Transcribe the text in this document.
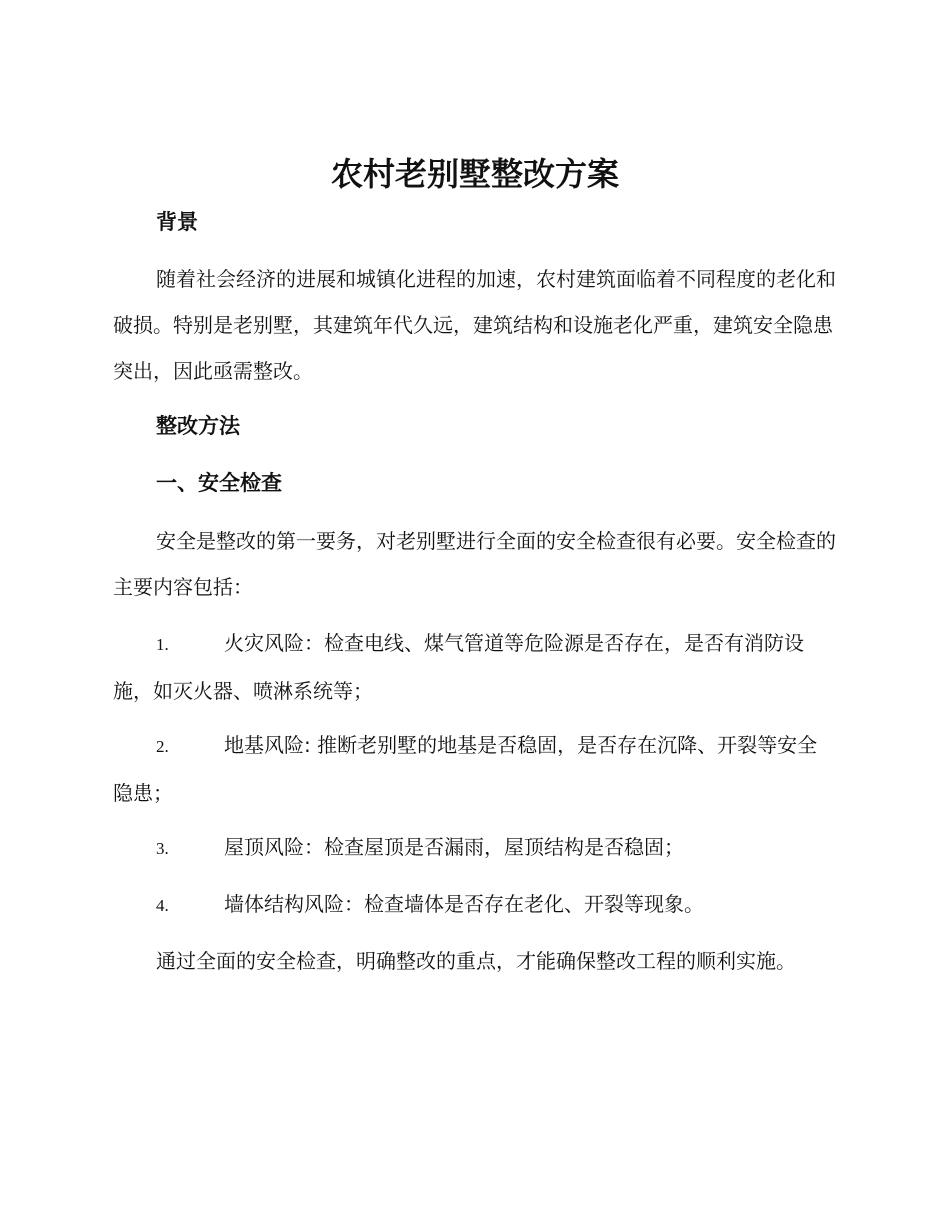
农村老别墅整改方案
背景

随着社会经济的进展和城镇化进程的加速，农村建筑面临着不同程度的老化和破损。特别是老别墅，其建筑年代久远，建筑结构和设施老化严重，建筑安全隐患突出，因此亟需整改。

整改方法
一、安全检查

安全是整改的第一要务，对老别墅进行全面的安全检查很有必要。安全检查的主要内容包括：

1.	火灾风险：检查电线、煤气管道等危险源是否存在，是否有消防设施，如灭火器、喷淋系统等；

2.	地基风险: 推断老别墅的地基是否稳固，是否存在沉降、开裂等安全隐患；

3.	屋顶风险：检查屋顶是否漏雨，屋顶结构是否稳固；

4.	墙体结构风险：检查墙体是否存在老化、开裂等现象。

通过全面的安全检查，明确整改的重点，才能确保整改工程的顺利实施。
